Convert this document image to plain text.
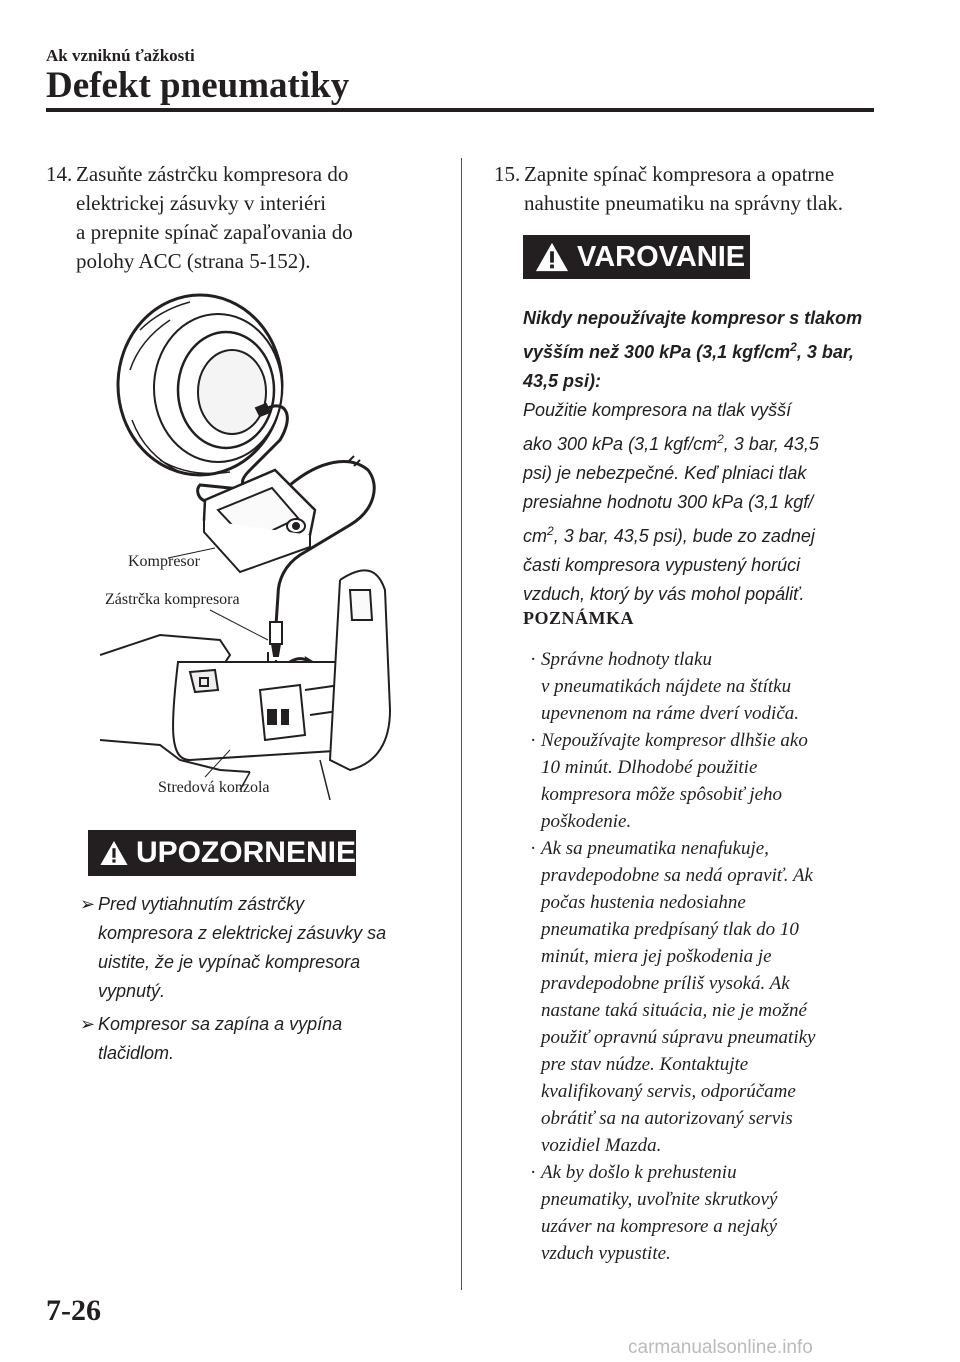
Ak vzniknú ťažkosti
Defekt pneumatiky
14. Zasuňte zástrčku kompresora do
elektrickej zásuvky v interiéri
a prepnite spínač zapaľovania do
polohy ACC (strana 5-152).
Kompresor
Zástrčka kompresora
Stredová konzola
UPOZORNENIE
➢ Pred vytiahnutím zástrčky
kompresora z elektrickej zásuvky sa
uistite, že je vypínač kompresora
vypnutý.
➢ Kompresor sa zapína a vypína
tlačidlom.
15. Zapnite spínač kompresora a opatrne
nahustite pneumatiku na správny tlak.
VAROVANIE
Nikdy nepoužívajte kompresor s tlakom
vyšším než 300 kPa (3,1 kgf/$cm^2$, 3 bar,
43,5 psi):
Použitie kompresora na tlak vyšší
ako 300 kPa (3,1 kgf/$cm^2$, 3 bar, 43,5
psi) je nebezpečné. Keď plniaci tlak
presiahne hodnotu 300 kPa (3,1 kgf/
$cm^2$, 3 bar, 43,5 psi), bude zo zadnej
časti kompresora vypustený horúci
vzduch, ktorý by vás mohol popáliť.
POZNÁMKA
· Správne hodnoty tlaku
v pneumatikách nájdete na štítku
upevnenom na ráme dverí vodiča.
· Nepoužívajte kompresor dlhšie ako
10 minút. Dlhodobé použitie
kompresora môže spôsobiť jeho
poškodenie.
· Ak sa pneumatika nenafukuje,
pravdepodobne sa nedá opraviť. Ak
počas hustenia nedosiahne
pneumatika predpísaný tlak do 10
minút, miera jej poškodenia je
pravdepodobne príliš vysoká. Ak
nastane taká situácia, nie je možné
použiť opravnú súpravu pneumatiky
pre stav núdze. Kontaktujte
kvalifikovaný servis, odporúčame
obrátiť sa na autorizovaný servis
vozidiel Mazda.
· Ak by došlo k prehusteniu
pneumatiky, uvoľnite skrutkový
uzáver na kompresore a nejaký
vzduch vypustite.
7-26
carmanualsonline.info
